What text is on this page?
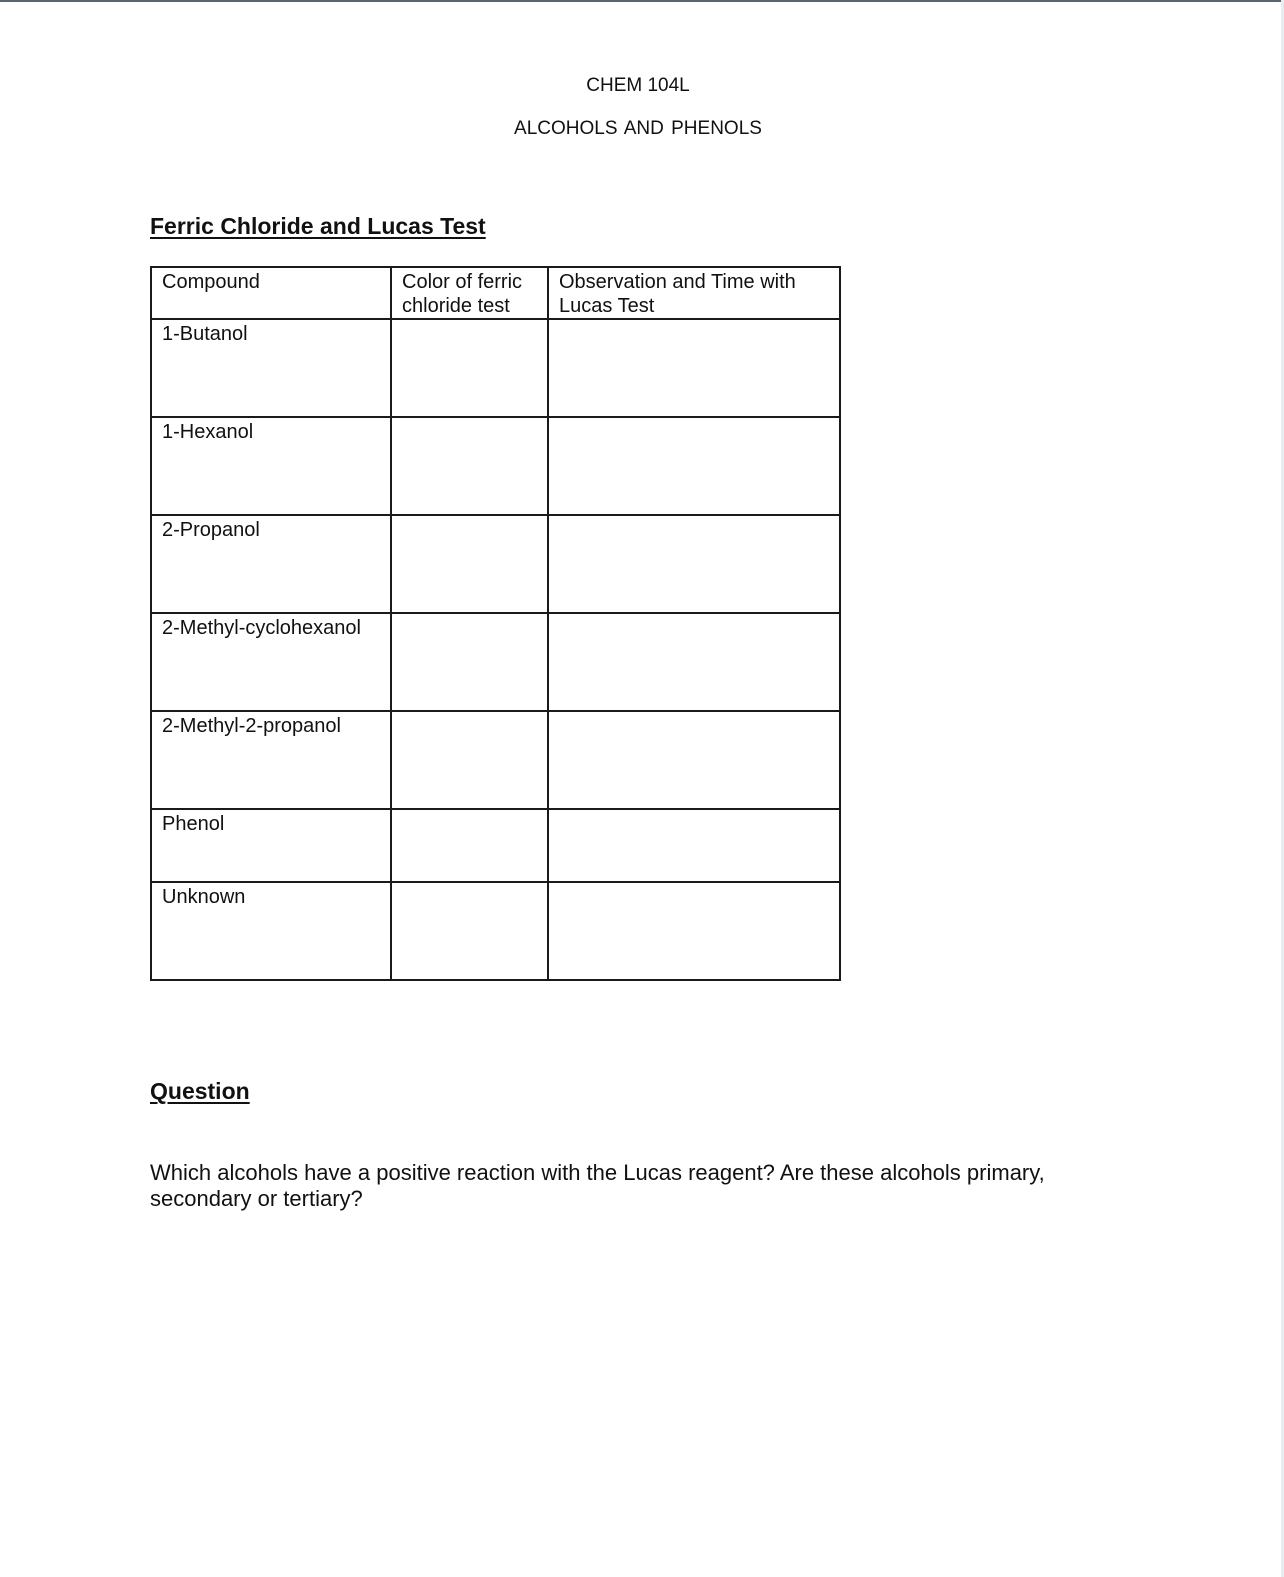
CHEM 104L
ALCOHOLS AND PHENOLS
Ferric Chloride and Lucas Test
Compound	Color of ferric chloride test	Observation and Time with Lucas Test
1-Butanol		
1-Hexanol		
2-Propanol		
2-Methyl-cyclohexanol		
2-Methyl-2-propanol		
Phenol		
Unknown		
Question
Which alcohols have a positive reaction with the Lucas reagent? Are these alcohols primary, secondary or tertiary?
